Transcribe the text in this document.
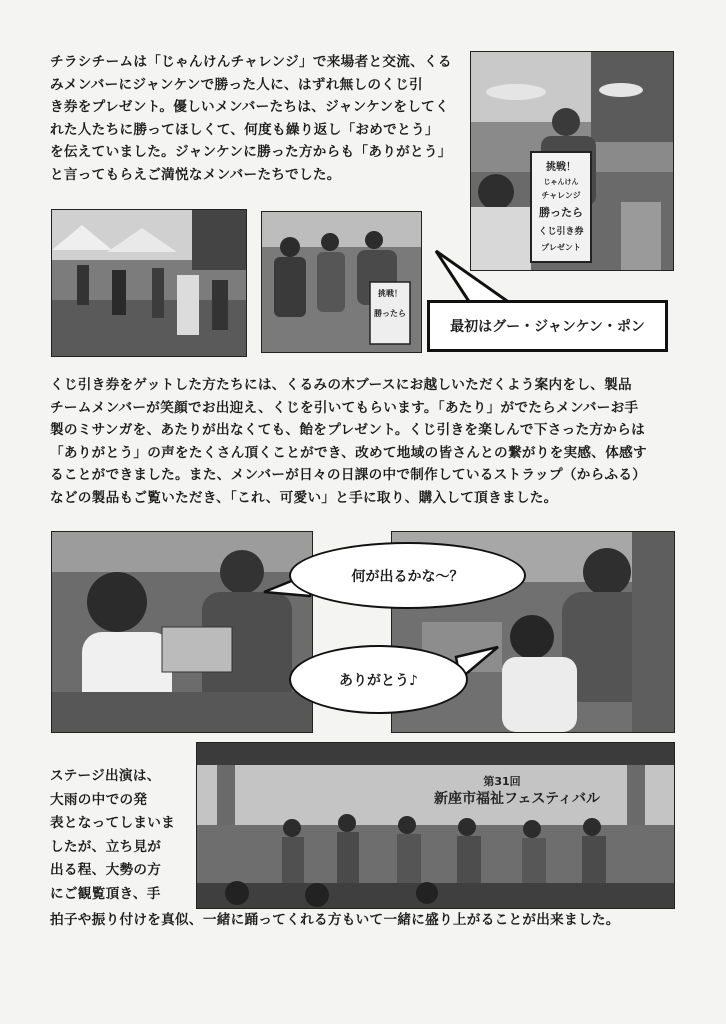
チラシチームは「じゃんけんチャレンジ」で来場者と交流、くる
みメンバーにジャンケンで勝った人に、はずれ無しのくじ引
き券をプレゼント。優しいメンバーたちは、ジャンケンをしてく
れた人たちに勝ってほしくて、何度も繰り返し「おめでとう」
を伝えていました。ジャンケンに勝った方からも「ありがとう」
と言ってもらえご満悦なメンバーたちでした。	挑戦！
じゃんけん
チャレンジ
勝ったら
くじ引き券
プレゼント
挑戦！
勝ったら
最初はグー・ジャンケン・ポン
くじ引き券をゲットした方たちには、くるみの木ブースにお越しいただくよう案内をし、製品
チームメンバーが笑顔でお出迎え、くじを引いてもらいます。「あたり」がでたらメンバーお手
製のミサンガを、あたりが出なくても、飴をプレゼント。くじ引きを楽しんで下さった方からは
「ありがとう」の声をたくさん頂くことができ、改めて地域の皆さんとの繋がりを実感、体感す
ることができました。また、メンバーが日々の日課の中で制作しているストラップ（からふる）
などの製品もご覧いただき、「これ、可愛い」と手に取り、購入して頂きました。
何が出るかな～？
ありがとう♪
ステージ出演は、
大雨の中での発
表となってしまいま
したが、立ち見が
出る程、大勢の方
にご観覧頂き、手
第31回
新座市福祉フェスティバル
拍子や振り付けを真似、一緒に踊ってくれる方もいて一緒に盛り上がることが出来ました。
